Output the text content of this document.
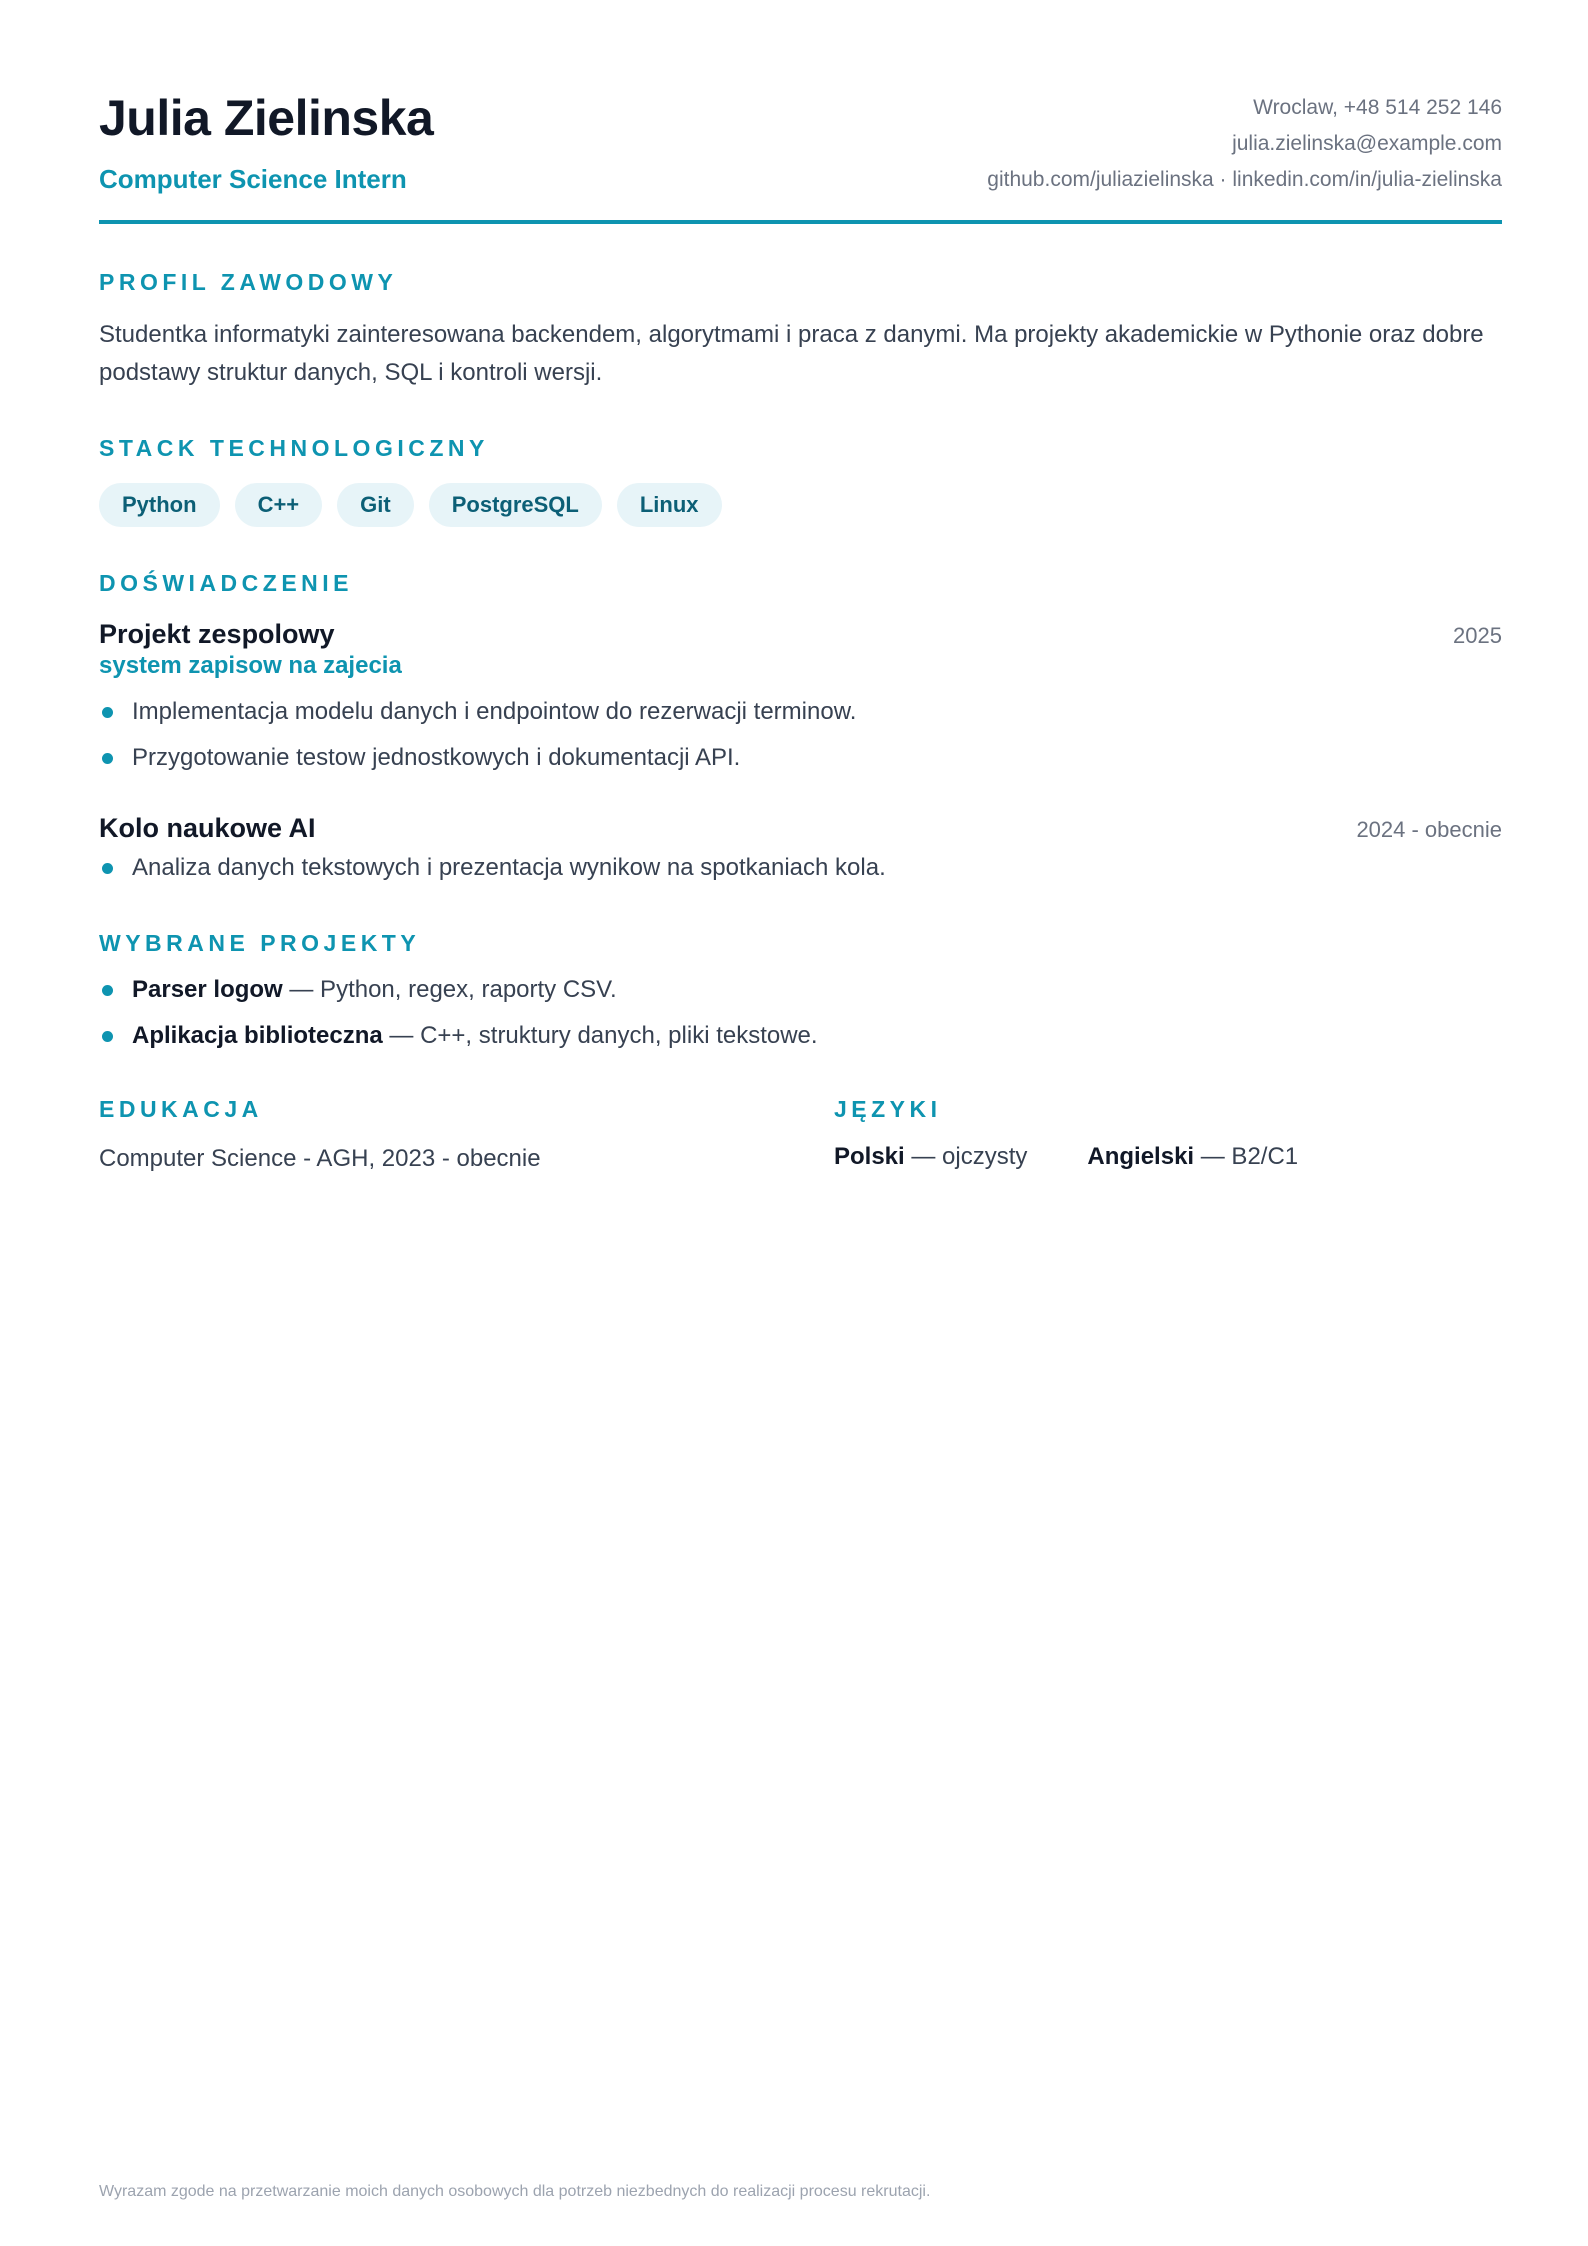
Julia Zielinska
Computer Science Intern
Wroclaw, +48 514 252 146
julia.zielinska@example.com
github.com/juliazielinska · linkedin.com/in/julia-zielinska
PROFIL ZAWODOWY

Studentka informatyki zainteresowana backendem, algorytmami i praca z danymi. Ma projekty akademickie w Pythonie oraz dobre podstawy struktur danych, SQL i kontroli wersji.

STACK TECHNOLOGICZNY
Python	C++	Git	PostgreSQL	Linux
DOŚWIADCZENIE
Projekt zespolowy	2025
system zapisow na zajecia
Implementacja modelu danych i endpointow do rezerwacji terminow.
Przygotowanie testow jednostkowych i dokumentacji API.
Kolo naukowe AI	2024 - obecnie
Analiza danych tekstowych i prezentacja wynikow na spotkaniach kola.
WYBRANE PROJEKTY
Parser logow — Python, regex, raporty CSV.
Aplikacja biblioteczna — C++, struktury danych, pliki tekstowe.
EDUKACJA
Computer Science - AGH, 2023 - obecnie
JĘZYKI
Polski — ojczysty	Angielski — B2/C1
Wyrazam zgode na przetwarzanie moich danych osobowych dla potrzeb niezbednych do realizacji procesu rekrutacji.
